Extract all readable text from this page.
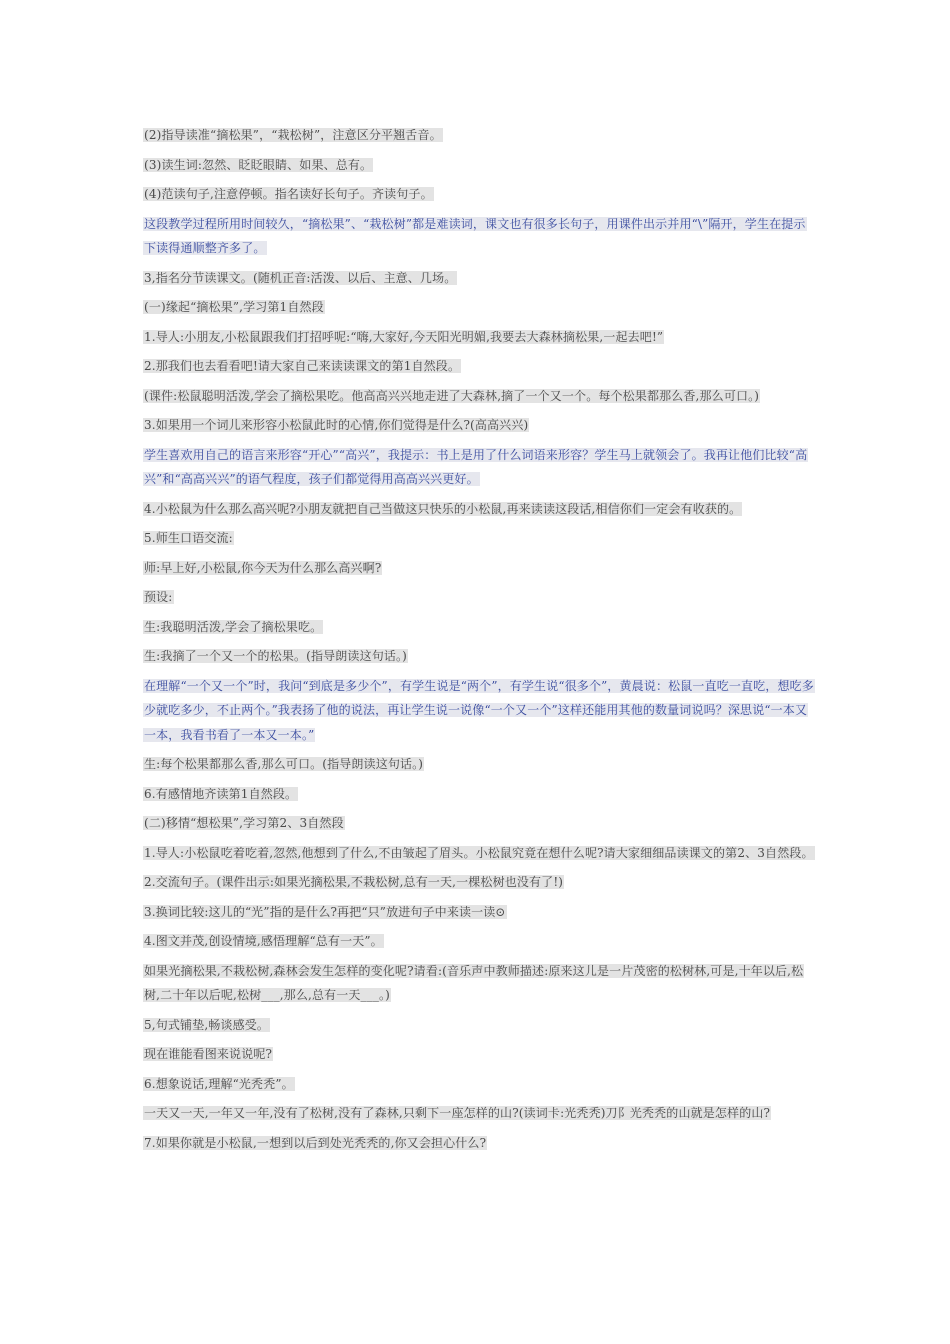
(2)指导读准“摘松果”，“栽松树”，注意区分平翘舌音。
(3)读生词:忽然、眨眨眼睛、如果、总有。
(4)范读句子,注意停顿。指名读好长句子。齐读句子。
这段教学过程所用时间较久，“摘松果”、“栽松树”都是难读词，课文也有很多长句子，用课件出示并用“\”隔开，学生在提示下读得通顺整齐多了。
3,指名分节读课文。(随机正音:活泼、以后、主意、几场。
(一)缘起“摘松果”,学习第1自然段
1.导人:小朋友,小松鼠跟我们打招呼呢:“嗨,大家好,今天阳光明媚,我要去大森林摘松果,一起去吧!”
2.那我们也去看看吧!请大家自己来读读课文的第1自然段。
(课件:松鼠聪明活泼,学会了摘松果吃。他高高兴兴地走进了大森林,摘了一个又一个。每个松果都那么香,那么可口。)
3.如果用一个词儿来形容小松鼠此时的心情,你们觉得是什么?(高高兴兴)
学生喜欢用自己的语言来形容“开心”“高兴”，我提示：书上是用了什么词语来形容？学生马上就领会了。我再让他们比较“高兴”和“高高兴兴”的语气程度，孩子们都觉得用高高兴兴更好。
4.小松鼠为什么那么高兴呢?小朋友就把自己当做这只快乐的小松鼠,再来读读这段话,相信你们一定会有收获的。
5.师生口语交流:
师:早上好,小松鼠,你今天为什么那么高兴啊?
预设:
生:我聪明活泼,学会了摘松果吃。
生:我摘了一个又一个的松果。(指导朗读这句话。)
在理解“一个又一个”时，我问“到底是多少个”，有学生说是“两个”，有学生说“很多个”，黄晨说：松鼠一直吃一直吃，想吃多少就吃多少，不止两个。”我表扬了他的说法，再让学生说一说像“一个又一个”这样还能用其他的数量词说吗？深思说“一本又一本，我看书看了一本又一本。”
生:每个松果都那么香,那么可口。(指导朗读这句话。)
6.有感情地齐读第1自然段。
(二)移情“想松果”,学习第2、3自然段
1.导人:小松鼠吃着吃着,忽然,他想到了什么,不由皱起了眉头。小松鼠究竟在想什么呢?请大家细细品读课文的第2、3自然段。
2.交流句子。(课件出示:如果光摘松果,不栽松树,总有一天,一棵松树也没有了!)
3.换词比较:这儿的“光”指的是什么?再把“只”放进句子中来读一读⊙
4.图文并茂,创设情境,感悟理解“总有一天”。
如果光摘松果,不栽松树,森林会发生怎样的变化呢?请看:(音乐声中教师描述:原来这儿是一片茂密的松树林,可是,十年以后,松树,二十年以后呢,松树___,那么,总有一天___。)
5,句式铺垫,畅谈感受。
现在谁能看图来说说呢?
6.想象说话,理解“光秃秃”。
一天又一天,一年又一年,没有了松树,没有了森林,只剩下一座怎样的山?(读词卡:光秃秃)刀阝光秃秃的山就是怎样的山?
7.如果你就是小松鼠,一想到以后到处光秃秃的,你又会担心什么?
